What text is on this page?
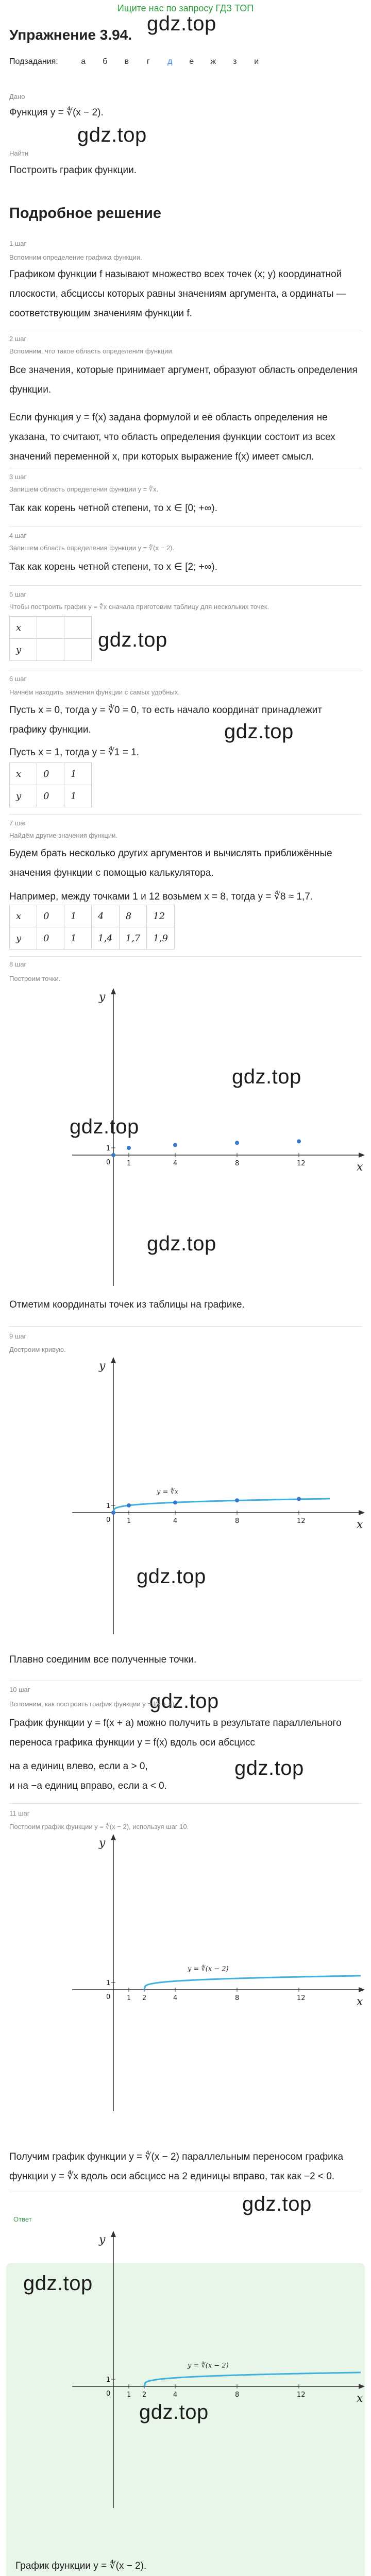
Ищите нас по запросу ГДЗ ТОП
Упражнение 3.94. gdz.top
Подзадания:	а	б	в	г	д	е	ж	з	и
Дано
Функция y = ∜(x − 2).
gdz.top
Найти
Построить график функции.
Подробное решение
1 шаг
Вспомним определение графика функции.
Графиком функции f называют множество всех точек (x; y) координатной
плоскости, абсциссы которых равны значениям аргумента, а ординаты —
соответствующим значениям функции f.
2 шаг
Вспомним, что такое область определения функции.
Все значения, которые принимает аргумент, образуют область определения
функции.
Если функция y = f(x) задана формулой и её область определения не
указана, то считают, что область определения функции состоит из всех
значений переменной x, при которых выражение f(x) имеет смысл.
3 шаг
Запишем область определения функции y = ∜x.
Так как корень четной степени, то x ∈ [0; +∞).
4 шаг
Запишем область определения функции y = ∜(x − 2).
Так как корень четной степени, то x ∈ [2; +∞).
5 шаг
Чтобы построить график y = ∜x сначала приготовим таблицу для нескольких точек.
x		
y			gdz.top
6 шаг
Начнём находить значения функции с самых удобных.
Пусть x = 0, тогда y = ∜0 = 0, то есть начало координат принадлежит
графику функции.
Пусть x = 1, тогда y = ∜1 = 1.
gdz.top
x	0	1
y	0	1
7 шаг
Найдём другие значения функции.
Будем брать несколько других аргументов и вычислять приближённые
значения функции с помощью калькулятора.
Например, между точками 1 и 12 возьмем x = 8, тогда y = ∜8 ≈ 1,7.
x	0	1	4	8	12
y	0	1	1,4	1,7	1,9
8 шаг
Построим точки.
x
y
0
1
1	4	8	12
gdz.top
gdz.top
gdz.top
Отметим координаты точек из таблицы на графике.
9 шаг
Достроим кривую.
x
y
0
1
1	4	8	12
y = ∜x
gdz.top
gdz.top
Плавно соединим все полученные точки.
10 шаг
Вспомним, как построить график функции y = f(x + a).
График функции y = f(x + a) можно получить в результате параллельного
переноса графика функции y = f(x) вдоль оси абсцисс
на a единиц влево, если a > 0,
и на −a единиц вправо, если a < 0.
gdz.top
11 шаг
Построим график функции y = ∜(x − 2), используя шаг 10.
x
y
0
1
1 2	4	8	12
y = ∜(x − 2)
Получим график функции y = ∜(x − 2) параллельным переносом графика
функции y = ∜x вдоль оси абсцисс на 2 единицы вправо, так как −2 < 0.
Ответ
gdz.top
x
y
0
1
1 2	4	8	12
y = ∜(x − 2)
gdz.top
gdz.top
График функции y = ∜(x − 2).
